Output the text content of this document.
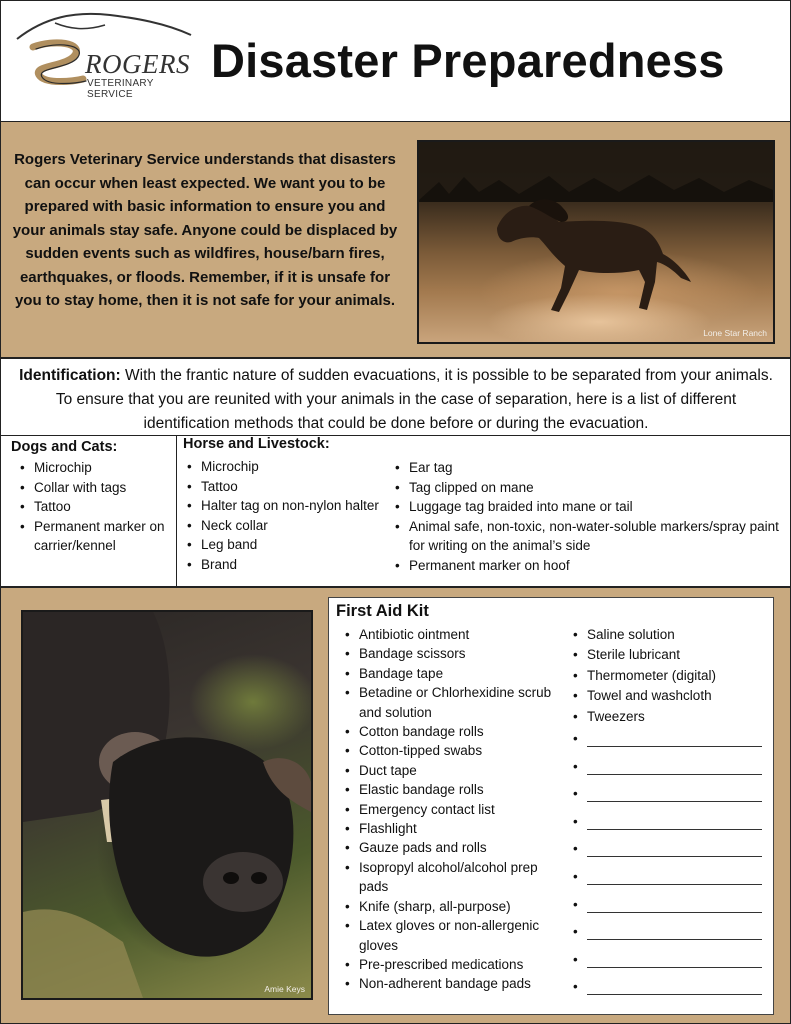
ROGERS
VETERINARY SERVICE
Disaster Preparedness
Rogers Veterinary Service understands that disasters can occur when least expected. We want you to be prepared with basic information to ensure you and your animals stay safe. Anyone could be displaced by sudden events such as wildfires, house/barn fires, earthquakes, or floods. Remember, if it is unsafe for you to stay home, then it is not safe for your animals.
Lone Star Ranch
Identification: With the frantic nature of sudden evacuations, it is possible to be separated from your animals. To ensure that you are reunited with your animals in the case of separation, here is a list of different identification methods that could be done before or during the evacuation.
Dogs and Cats:
• Microchip
• Collar with tags
• Tattoo
• Permanent marker on carrier/kennel
Horse and Livestock:
• Microchip
• Tattoo
• Halter tag on non-nylon halter
• Neck collar
• Leg band
• Brand
• Ear tag
• Tag clipped on mane
• Luggage tag braided into mane or tail
• Animal safe, non-toxic, non-water-soluble markers/spray paint for writing on the animal’s side
• Permanent marker on hoof
Amie Keys
First Aid Kit
• Antibiotic ointment
• Bandage scissors
• Bandage tape
• Betadine or Chlorhexidine scrub and solution
• Cotton bandage rolls
• Cotton-tipped swabs
• Duct tape
• Elastic bandage rolls
• Emergency contact list
• Flashlight
• Gauze pads and rolls
• Isopropyl alcohol/alcohol prep pads
• Knife (sharp, all-purpose)
• Latex gloves or non-allergenic gloves
• Pre-prescribed medications
• Non-adherent bandage pads
• Saline solution
• Sterile lubricant
• Thermometer (digital)
• Towel and washcloth
• Tweezers
•
•
•
•
•
•
•
•
•
•
